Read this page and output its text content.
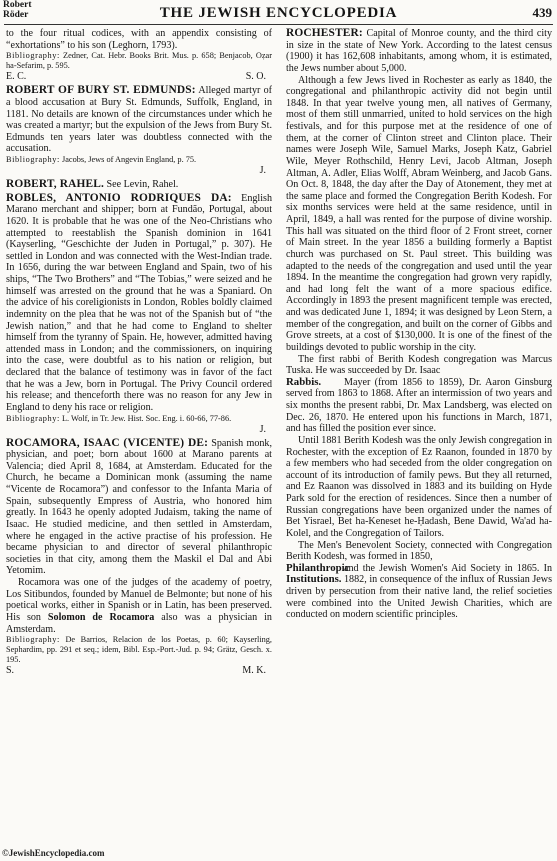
Robert
Röder	THE JEWISH ENCYCLOPEDIA	439

to the four ritual codices, with an appendix consisting of “exhortations” to his son (Leghorn, 1793).

Bibliography: Zedner, Cat. Hebr. Books Brit. Mus. p. 658; Benjacob, Oẓar ha-Sefarim, p. 595.

E. C.	S. O.

ROBERT OF BURY ST. EDMUNDS: Alleged martyr of a blood accusation at Bury St. Edmunds, Suffolk, England, in 1181. No details are known of the circumstances under which he was created a martyr; but the expulsion of the Jews from Bury St. Edmunds ten years later was doubtless connected with the accusation.

Bibliography: Jacobs, Jews of Angevin England, p. 75.

J.

ROBERT, RAHEL. See Levin, Rahel.

ROBLES, ANTONIO RODRIQUES DA: English Marano merchant and shipper; born at Fundão, Portugal, about 1620. It is probable that he was one of the Neo-Christians who attempted to reestablish the Spanish dominion in 1641 (Kayserling, “Geschichte der Juden in Portugal,” p. 307). He settled in London and was connected with the West-Indian trade. In 1656, during the war between England and Spain, two of his ships, “The Two Brothers” and “The Tobias,” were seized and he himself was arrested on the ground that he was a Spaniard. On the advice of his coreligionists in London, Robles boldly claimed indemnity on the plea that he was not of the Spanish but of “the Jewish nation,” and that he had come to England to shelter himself from the tyranny of Spain. He, however, admitted having attended mass in London; and the commissioners, on inquiring into the case, were doubtful as to his nation or religion, but declared that the balance of testimony was in favor of the fact that he was a Jew, born in Portugal. The Privy Council ordered his release; and thenceforth there was no reason for any Jew in England to deny his race or religion.

Bibliography: L. Wolf, in Tr. Jew. Hist. Soc. Eng. i. 60-66, 77-86.

J.

ROCAMORA, ISAAC (VICENTE) DE: Spanish monk, physician, and poet; born about 1600 at Marano parents at Valencia; died April 8, 1684, at Amsterdam. Educated for the Church, he became a Dominican monk (assuming the name “Vicente de Rocamora”) and confessor to the Infanta Maria of Spain, subsequently Empress of Austria, who honored him greatly. In 1643 he openly adopted Judaism, taking the name of Isaac. He studied medicine, and then settled in Amsterdam, where he engaged in the active practise of his profession. He became physician to and director of several philanthropic societies in that city, among them the Maskil el Dal and Abi Yetomim.

Rocamora was one of the judges of the academy of poetry, Los Sitibundos, founded by Manuel de Belmonte; but none of his poetical works, either in Spanish or in Latin, has been preserved. His son Solomon de Rocamora also was a physician in Amsterdam.

Bibliography: De Barrios, Relacion de los Poetas, p. 60; Kayserling, Sephardim, pp. 291 et seq.; idem, Bibl. Esp.-Port.-Jud. p. 94; Grätz, Gesch. x. 195.

S.	M. K.

ROCHESTER: Capital of Monroe county, and the third city in size in the state of New York. According to the latest census (1900) it has 162,608 inhabitants, among whom, it is estimated, the Jews number about 5,000.

Although a few Jews lived in Rochester as early as 1840, the congregational and philanthropic activity did not begin until 1848. In that year twelve young men, all natives of Germany, most of them still unmarried, united to hold services on the high festivals, and for this purpose met at the residence of one of them, at the corner of Clinton street and Clinton place. Their names were Joseph Wile, Samuel Marks, Joseph Katz, Gabriel Wile, Meyer Rothschild, Henry Levi, Jacob Altman, Joseph Altman, A. Adler, Elias Wolff, Abram Weinberg, and Jacob Gans. On Oct. 8, 1848, the day after the Day of Atonement, they met at the same place and formed the Congregation Berith Kodesh. For six months services were held at the same residence, until in April, 1849, a hall was rented for the purpose of divine worship. This hall was situated on the third floor of 2 Front street, corner of Main street. In the year 1856 a building formerly a Baptist church was purchased on St. Paul street. This building was adapted to the needs of the congregation and used until the year 1894. In the meantime the congregation had grown very rapidly, and had long felt the want of a more spacious edifice. Accordingly in 1893 the present magnificent temple was erected, and was dedicated June 1, 1894; it was designed by Leon Stern, a member of the congregation, and built on the corner of Gibbs and Grove streets, at a cost of $130,000. It is one of the finest of the buildings devoted to public worship in the city.

The first rabbi of Berith Kodesh congregation was Marcus Tuska. He was succeeded by Dr. Isaac

Rabbis.	Mayer (from 1856 to 1859), Dr. Aaron Ginsburg served from 1863 to 1868. After an intermission of two years and six months the present rabbi, Dr. Max Landsberg, was elected on Dec. 26, 1870. He entered upon his functions in March, 1871, and has filled the position ever since.

Until 1881 Berith Kodesh was the only Jewish congregation in Rochester, with the exception of Ez Raanon, founded in 1870 by a few members who had seceded from the older congregation on account of its introduction of family pews. But they all returned, and Ez Raanon was dissolved in 1883 and its building on Hyde Park sold for the erection of residences. Since then a number of Russian congregations have been organized under the names of Bet Yisrael, Bet ha-Keneset he-Ḥadash, Bene Dawid, Wa'ad ha-Kolel, and the Congregation of Tailors.

The Men's Benevolent Society, connected with Congregation Berith Kodesh, was formed in 1850,

Philanthropic Institutions.
and the Jewish Women's Aid Society in 1865. In 1882, in consequence of the influx of Russian Jews driven by persecution from their native land, the relief societies were combined into the United Jewish Charities, which are conducted on modern scientific principles.

©JewishEncyclopedia.com
